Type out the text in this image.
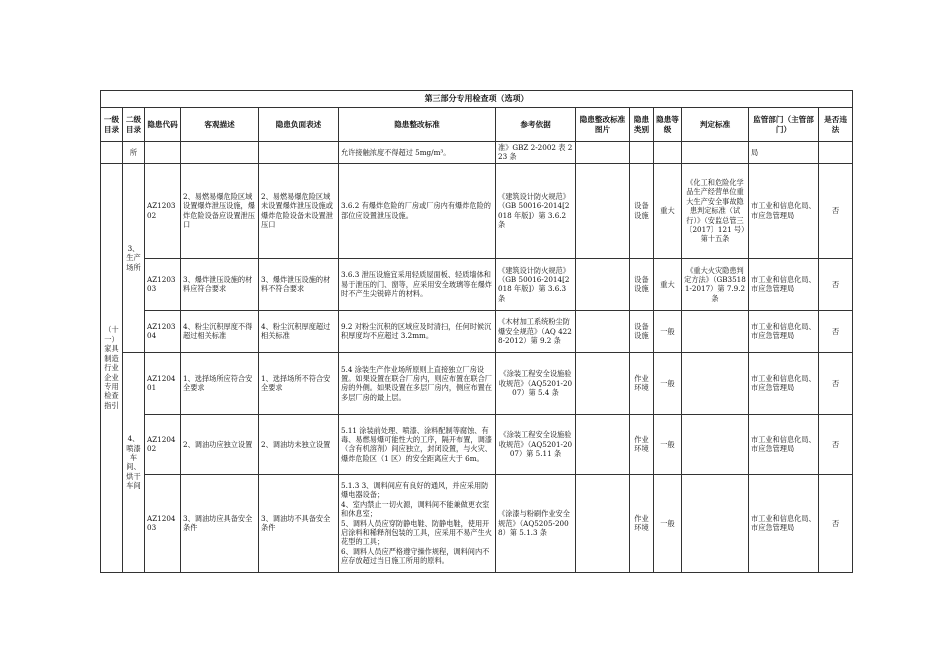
第三部分专用检查项（选项）												
一级目录	二级目录	隐患代码	客观描述	隐患负面表述	隐患整改标准	参考依据	隐患整改标准图片	隐患类别	隐患等级	判定标准	监管部门（主管部门）	是否违法
	所				允许接触浓度不得超过 5mg/m³。	准》GBZ 2-2002 表 2 23 条					局	
（十一）家具制造行业企业专用检查指引	3、生产场所	AZ120302	2、易燃易爆危险区域设置爆炸泄压设施，爆炸危险设备应设置泄压口	2、易燃易爆危险区域未设置爆炸泄压设施或爆炸危险设备未设置泄压口	3.6.2 有爆炸危险的厂房或厂房内有爆炸危险的部位应设置泄压设施。	《建筑设计防火规范》（GB 50016-2014[2018 年版]）第 3.6.2 条		设备设施	重大	《化工和危险化学品生产经营单位重大生产安全事故隐患判定标准（试行）》（安监总管三〔2017〕121 号）第十五条	市工业和信息化局、市应急管理局	否
		AZ120303	3、爆炸泄压设施的材料应符合要求	3、爆炸泄压设施的材料不符合要求	3.6.3 泄压设施宜采用轻质屋面板、轻质墙体和易于泄压的门、窗等，应采用安全玻璃等在爆炸时不产生尖锐碎片的材料。	《建筑设计防火规范》（GB 50016-2014[2018 年版]）第 3.6.3 条		设备设施	重大	《重大火灾隐患判定方法》（GB35181-2017）第 7.9.2 条	市工业和信息化局、市应急管理局	否
		AZ120304	4、粉尘沉积厚度不得超过相关标准	4、粉尘沉积厚度超过相关标准	9.2 对粉尘沉积的区域应及时清扫，任何时候沉积厚度均不应超过 3.2mm。	《木材加工系统粉尘防爆安全规范》（AQ 4228-2012）第 9.2 条		设备设施	一般		市工业和信息化局、市应急管理局	否
	4、喷漆车间、烘干车间	AZ120401	1、选择场所应符合安全要求	1、选择场所不符合安全要求	5.4 涂装生产作业场所原则上直接独立厂房设置。如果设置在联合厂房内，则应布置在联合厂房的外侧。如果设置在多层厂房内，侧应布置在多层厂房的最上层。	《涂装工程安全设施验收规范》（AQ5201-2007）第 5.4 条		作业环境	一般		市工业和信息化局、市应急管理局	否
		AZ120402	2、调油功应独立设置	2、调油坊未独立设置	5.11 涂装前处理、喷漆、涂料配制等腐蚀、有毒、易燃易爆可能性大的工序，隔开布置，调漆（含有机溶剂）间应独立，封闭设置，与火灾、爆炸危险区（1 区）的安全距离应大于 6m。	《涂装工程安全设施验收规范》（AQ5201-2007）第 5.11 条		作业环境	一般		市工业和信息化局、市应急管理局	否
		AZ120403	3、调油坊应具备安全条件	3、调油坊不具备安全条件	5.1.3 3、调料间应有良好的通风，并应采用防爆电器设备；
4、室内禁止一切火源，调料间不能兼做更衣室和休息室；
5、调料人员应穿防静电鞋、防静电鞋，使用开启涂料和稀释剂包装的工具，应采用不易产生火花型的工具；
6、调料人员应严格遵守操作规程，调料间内不应存放超过当日施工所用的原料。	《涂漆与粉刷作业安全规范》（AQ5205-2008）第 5.1.3 条		作业环境	一般		市工业和信息化局、市应急管理局	否
